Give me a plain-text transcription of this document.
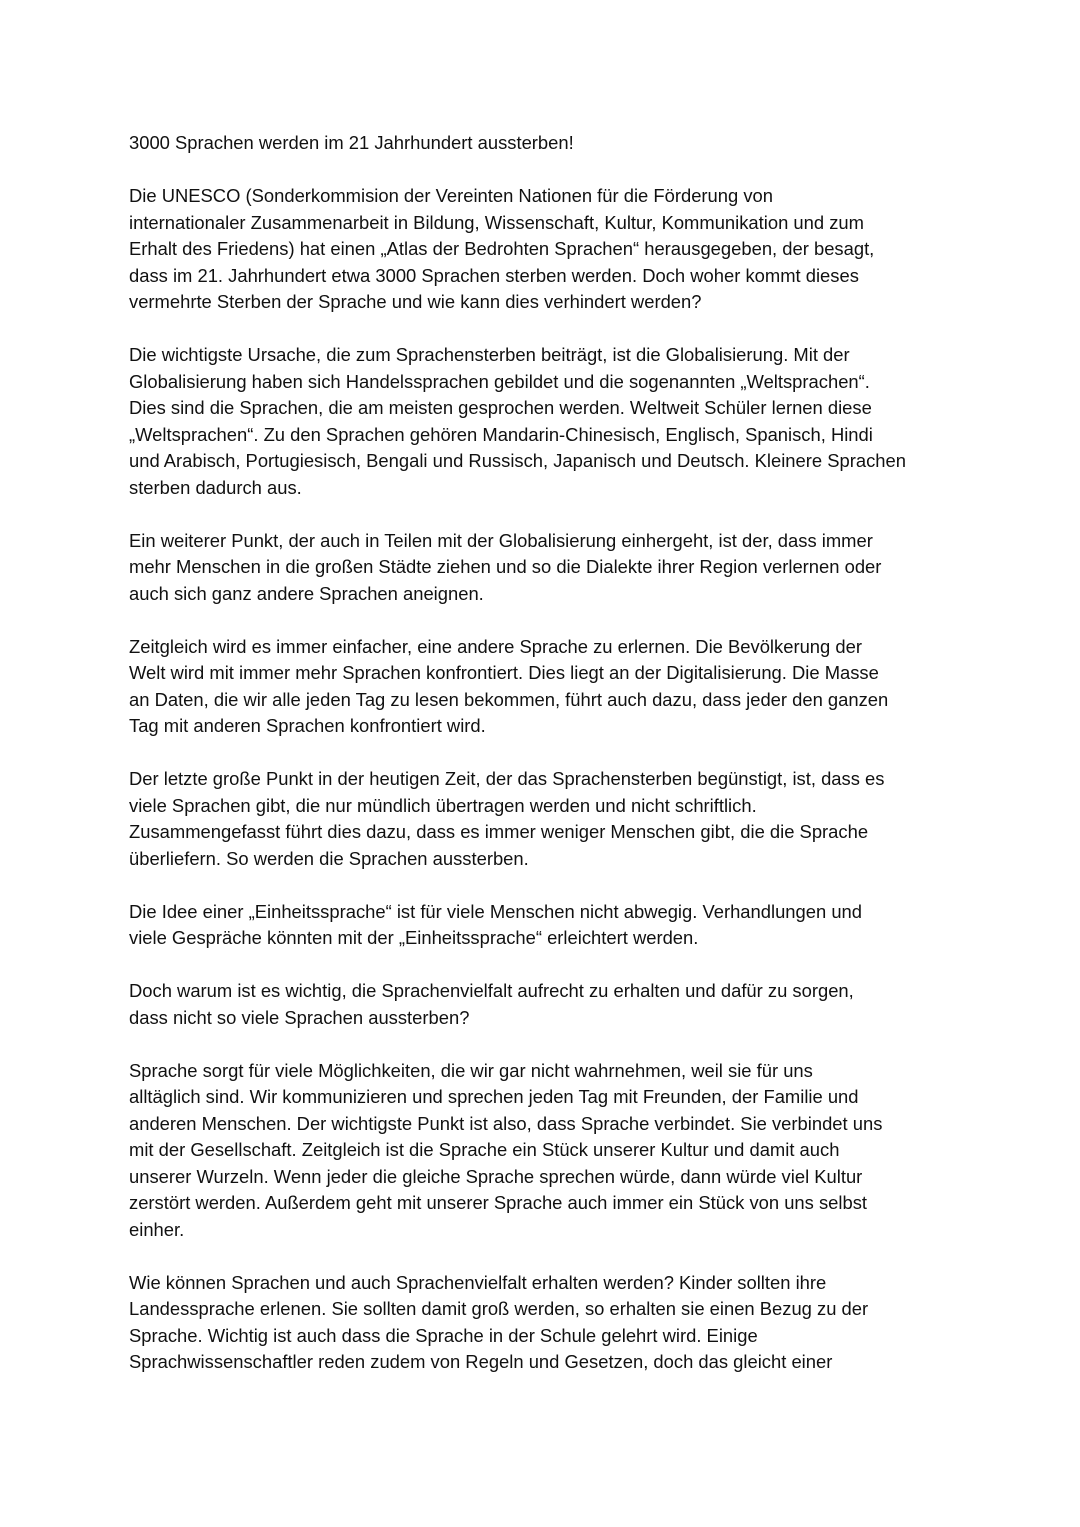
3000 Sprachen werden im 21 Jahrhundert aussterben!

Die UNESCO (Sonderkommision der Vereinten Nationen für die Förderung von
internationaler Zusammenarbeit in Bildung, Wissenschaft, Kultur, Kommunikation und zum
Erhalt des Friedens) hat einen „Atlas der Bedrohten Sprachen“ herausgegeben, der besagt,
dass im 21. Jahrhundert etwa 3000 Sprachen sterben werden. Doch woher kommt dieses
vermehrte Sterben der Sprache und wie kann dies verhindert werden?

Die wichtigste Ursache, die zum Sprachensterben beiträgt, ist die Globalisierung. Mit der
Globalisierung haben sich Handelssprachen gebildet und die sogenannten „Weltsprachen“.
Dies sind die Sprachen, die am meisten gesprochen werden. Weltweit Schüler lernen diese
„Weltsprachen“. Zu den Sprachen gehören Mandarin-Chinesisch, Englisch, Spanisch, Hindi
und Arabisch, Portugiesisch, Bengali und Russisch, Japanisch und Deutsch. Kleinere Sprachen
sterben dadurch aus.

Ein weiterer Punkt, der auch in Teilen mit der Globalisierung einhergeht, ist der, dass immer
mehr Menschen in die großen Städte ziehen und so die Dialekte ihrer Region verlernen oder
auch sich ganz andere Sprachen aneignen.

Zeitgleich wird es immer einfacher, eine andere Sprache zu erlernen. Die Bevölkerung der
Welt wird mit immer mehr Sprachen konfrontiert. Dies liegt an der Digitalisierung. Die Masse
an Daten, die wir alle jeden Tag zu lesen bekommen, führt auch dazu, dass jeder den ganzen
Tag mit anderen Sprachen konfrontiert wird.

Der letzte große Punkt in der heutigen Zeit, der das Sprachensterben begünstigt, ist, dass es
viele Sprachen gibt, die nur mündlich übertragen werden und nicht schriftlich.
Zusammengefasst führt dies dazu, dass es immer weniger Menschen gibt, die die Sprache
überliefern. So werden die Sprachen aussterben.

Die Idee einer „Einheitssprache“ ist für viele Menschen nicht abwegig. Verhandlungen und
viele Gespräche könnten mit der „Einheitssprache“ erleichtert werden.

Doch warum ist es wichtig, die Sprachenvielfalt aufrecht zu erhalten und dafür zu sorgen,
dass nicht so viele Sprachen aussterben?

Sprache sorgt für viele Möglichkeiten, die wir gar nicht wahrnehmen, weil sie für uns
alltäglich sind. Wir kommunizieren und sprechen jeden Tag mit Freunden, der Familie und
anderen Menschen. Der wichtigste Punkt ist also, dass Sprache verbindet. Sie verbindet uns
mit der Gesellschaft. Zeitgleich ist die Sprache ein Stück unserer Kultur und damit auch
unserer Wurzeln. Wenn jeder die gleiche Sprache sprechen würde, dann würde viel Kultur
zerstört werden. Außerdem geht mit unserer Sprache auch immer ein Stück von uns selbst
einher.

Wie können Sprachen und auch Sprachenvielfalt erhalten werden? Kinder sollten ihre
Landessprache erlenen. Sie sollten damit groß werden, so erhalten sie einen Bezug zu der
Sprache. Wichtig ist auch dass die Sprache in der Schule gelehrt wird. Einige
Sprachwissenschaftler reden zudem von Regeln und Gesetzen, doch das gleicht einer
